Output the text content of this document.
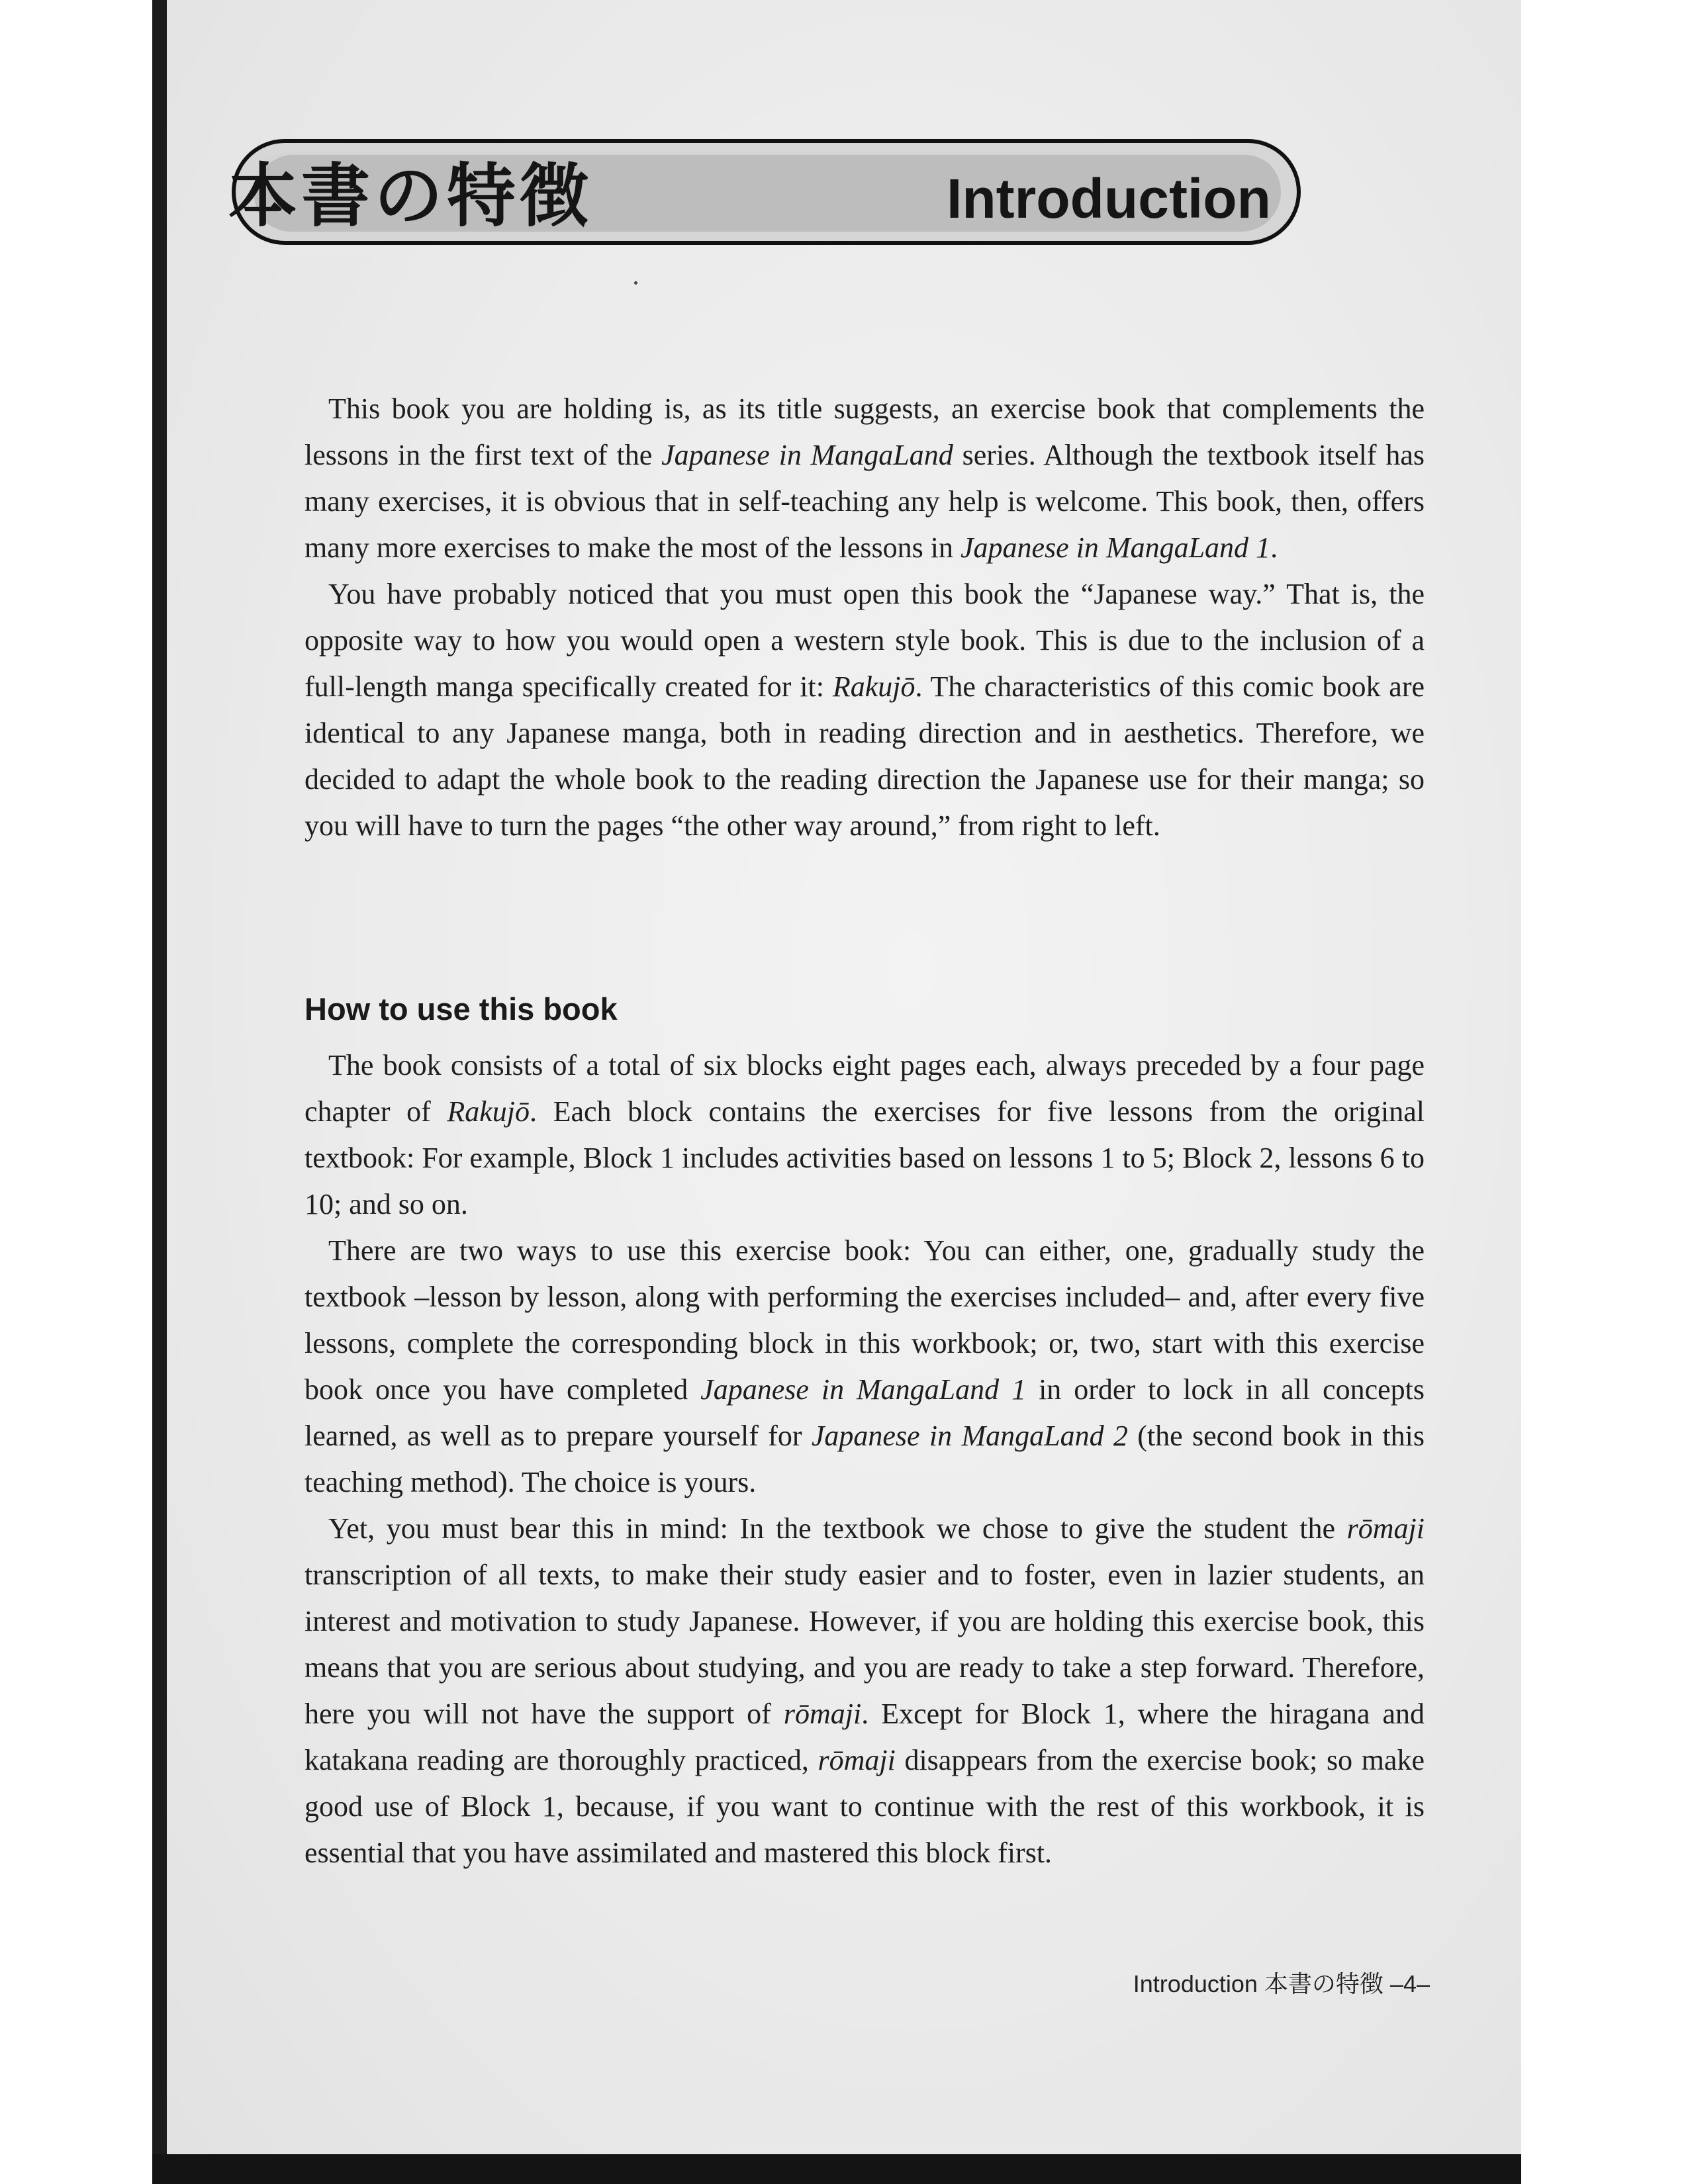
本書の特徴	Introduction

This book you are holding is, as its title suggests, an exercise book that complements the lessons in the first text of the Japanese in MangaLand series. Although the textbook itself has many exercises, it is obvious that in self-teaching any help is welcome. This book, then, offers many more exercises to make the most of the lessons in Japanese in MangaLand 1.

You have probably noticed that you must open this book the “Japanese way.” That is, the opposite way to how you would open a western style book. This is due to the inclusion of a full-length manga specifically created for it: Rakujō. The characteristics of this comic book are identical to any Japanese manga, both in reading direction and in aesthetics. Therefore, we decided to adapt the whole book to the reading direction the Japanese use for their manga; so you will have to turn the pages “the other way around,” from right to left.

How to use this book

The book consists of a total of six blocks eight pages each, always preceded by a four page chapter of Rakujō. Each block contains the exercises for five lessons from the original textbook: For example, Block 1 includes activities based on lessons 1 to 5; Block 2, lessons 6 to 10; and so on.

There are two ways to use this exercise book: You can either, one, gradually study the textbook –lesson by lesson, along with performing the exercises included– and, after every five lessons, complete the corresponding block in this workbook; or, two, start with this exercise book once you have completed Japanese in MangaLand 1 in order to lock in all concepts learned, as well as to prepare yourself for Japanese in MangaLand 2 (the second book in this teaching method). The choice is yours.

Yet, you must bear this in mind: In the textbook we chose to give the student the rōmaji transcription of all texts, to make their study easier and to foster, even in lazier students, an interest and motivation to study Japanese. However, if you are holding this exercise book, this means that you are serious about studying, and you are ready to take a step forward. Therefore, here you will not have the support of rōmaji. Except for Block 1, where the hiragana and katakana reading are thoroughly practiced, rōmaji disappears from the exercise book; so make good use of Block 1, because, if you want to continue with the rest of this workbook, it is essential that you have assimilated and mastered this block first.

Introduction 本書の特徴 –4–
